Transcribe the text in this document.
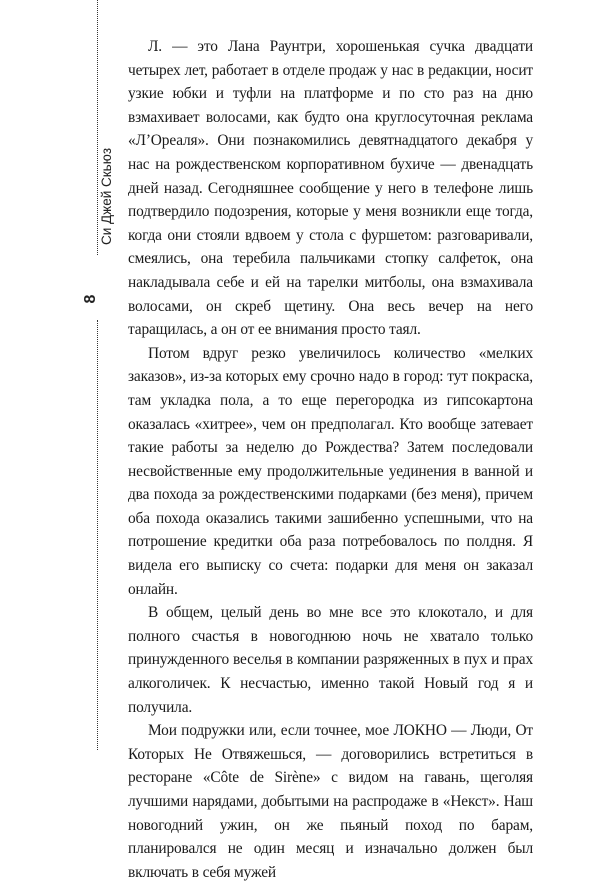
Си Джей Скьюз
8

Л. — это Лана Раунтри, хорошенькая сучка двадцати четырех лет, работает в отделе продаж у нас в редакции, носит узкие юбки и туфли на платформе и по сто раз на дню взмахивает волосами, как будто она круглосуточная реклама «Л’Ореаля». Они познакомились девятнадцатого декабря у нас на рождественском корпоративном бухиче — двенадцать дней назад. Сегодняшнее сообщение у него в телефоне лишь подтвердило подозрения, которые у меня возникли еще тогда, когда они стояли вдвоем у стола с фуршетом: разговаривали, смеялись, она теребила пальчиками стопку салфеток, она накладывала себе и ей на тарелки митболы, она взмахивала волосами, он скреб щетину. Она весь вечер на него таращилась, а он от ее внимания просто таял.

Потом вдруг резко увеличилось количество «мелких заказов», из-за которых ему срочно надо в город: тут покраска, там укладка пола, а то еще перегородка из гипсокартона оказалась «хитрее», чем он предполагал. Кто вообще затевает такие работы за неделю до Рождества? Затем последовали несвойственные ему продолжительные уединения в ванной и два похода за рождественскими подарками (без меня), причем оба похода оказались такими зашибенно успешными, что на потрошение кредитки оба раза потребовалось по полдня. Я видела его выписку со счета: подарки для меня он заказал онлайн.

В общем, целый день во мне все это клокотало, и для полного счастья в новогоднюю ночь не хватало только принужденного веселья в компании разряженных в пух и прах алкоголичек. К несчастью, именно такой Новый год я и получила.

Мои подружки или, если точнее, мое ЛОКНО — Люди, От Которых Не Отвяжешься, — договорились встретиться в ресторане «Côte de Sirène» с видом на гавань, щеголяя лучшими нарядами, добытыми на распродаже в «Некст». Наш новогодний ужин, он же пьяный поход по барам, планировался не один месяц и изначально должен был включать в себя мужей
